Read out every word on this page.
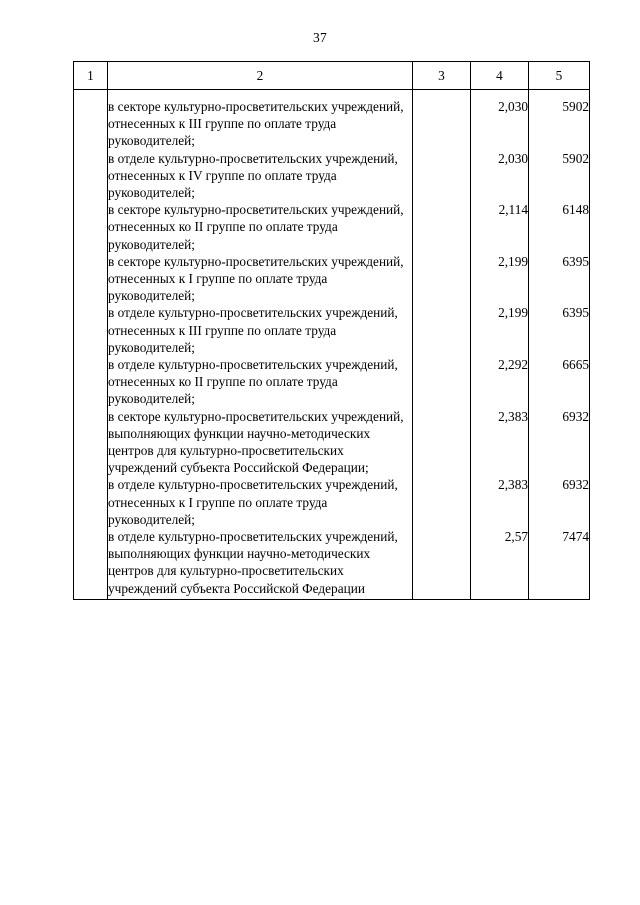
37
1	2	3	4	5
	в секторе культурно-просветительских учреждений, отнесенных к III группе по оплате труда руководителей;		2,030	5902
	в отделе культурно-просветительских учреждений, отнесенных к IV группе по оплате труда руководителей;		2,030	5902
	в секторе культурно-просветительских учреждений, отнесенных ко II группе по оплате труда руководителей;		2,114	6148
	в секторе культурно-просветительских учреждений, отнесенных к I группе по оплате труда руководителей;		2,199	6395
	в отделе культурно-просветительских учреждений, отнесенных к III группе по оплате труда руководителей;		2,199	6395
	в отделе культурно-просветительских учреждений, отнесенных ко II группе по оплате труда руководителей;		2,292	6665
	в секторе культурно-просветительских учреждений, выполняющих функции научно-методических центров для культурно-просветительских учреждений субъекта Российской Федерации;		2,383	6932
	в отделе культурно-просветительских учреждений, отнесенных к I группе по оплате труда руководителей;		2,383	6932
	в отделе культурно-просветительских учреждений, выполняющих функции научно-методических центров для культурно-просветительских учреждений субъекта Российской Федерации		2,57	7474
